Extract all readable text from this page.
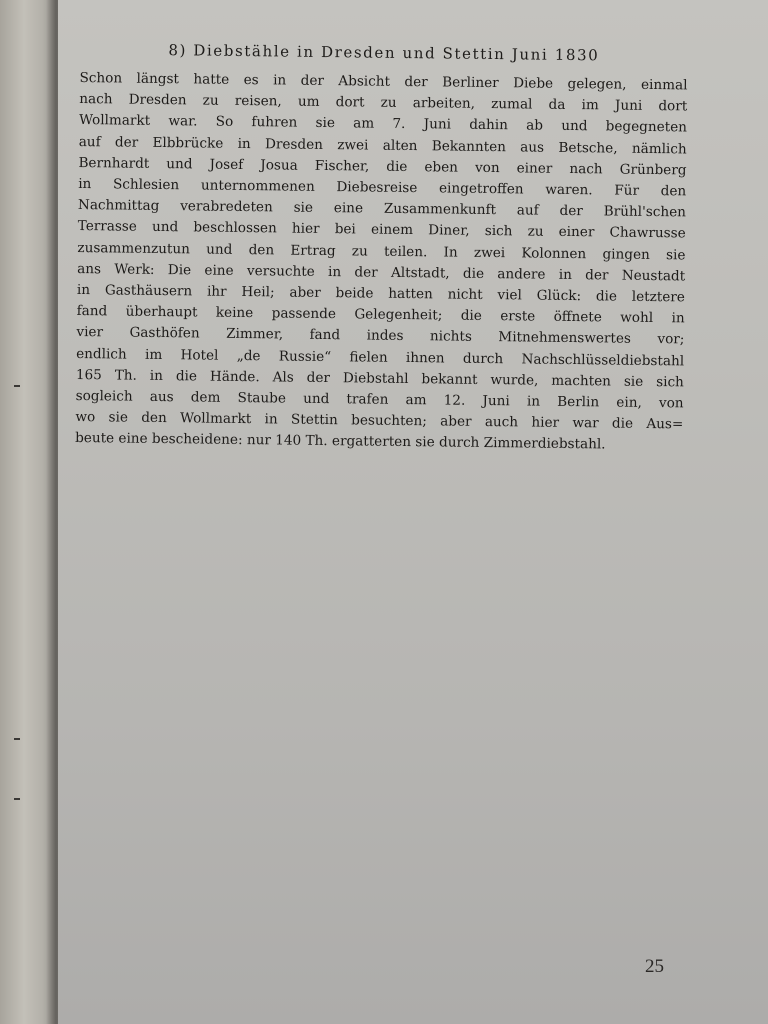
8) Diebstähle in Dresden und Stettin Juni 1830
Schon längst hatte es in der Absicht der Berliner Diebe gelegen, einmal
nach Dresden zu reisen, um dort zu arbeiten, zumal da im Juni dort
Wollmarkt war. So fuhren sie am 7. Juni dahin ab und begegneten
auf der Elbbrücke in Dresden zwei alten Bekannten aus Betsche, nämlich
Bernhardt und Josef Josua Fischer, die eben von einer nach Grünberg
in Schlesien unternommenen Diebesreise eingetroffen waren. Für den
Nachmittag verabredeten sie eine Zusammenkunft auf der Brühl'schen
Terrasse und beschlossen hier bei einem Diner, sich zu einer Chawrusse
zusammenzutun und den Ertrag zu teilen. In zwei Kolonnen gingen sie
ans Werk: Die eine versuchte in der Altstadt, die andere in der Neustadt
in Gasthäusern ihr Heil; aber beide hatten nicht viel Glück: die letztere
fand überhaupt keine passende Gelegenheit; die erste öffnete wohl in
vier Gasthöfen Zimmer, fand indes nichts Mitnehmenswertes vor;
endlich im Hotel „de Russie“ fielen ihnen durch Nachschlüsseldiebstahl
165 Th. in die Hände. Als der Diebstahl bekannt wurde, machten sie sich
sogleich aus dem Staube und trafen am 12. Juni in Berlin ein, von
wo sie den Wollmarkt in Stettin besuchten; aber auch hier war die Aus=
beute eine bescheidene: nur 140 Th. ergatterten sie durch Zimmerdiebstahl.
25
